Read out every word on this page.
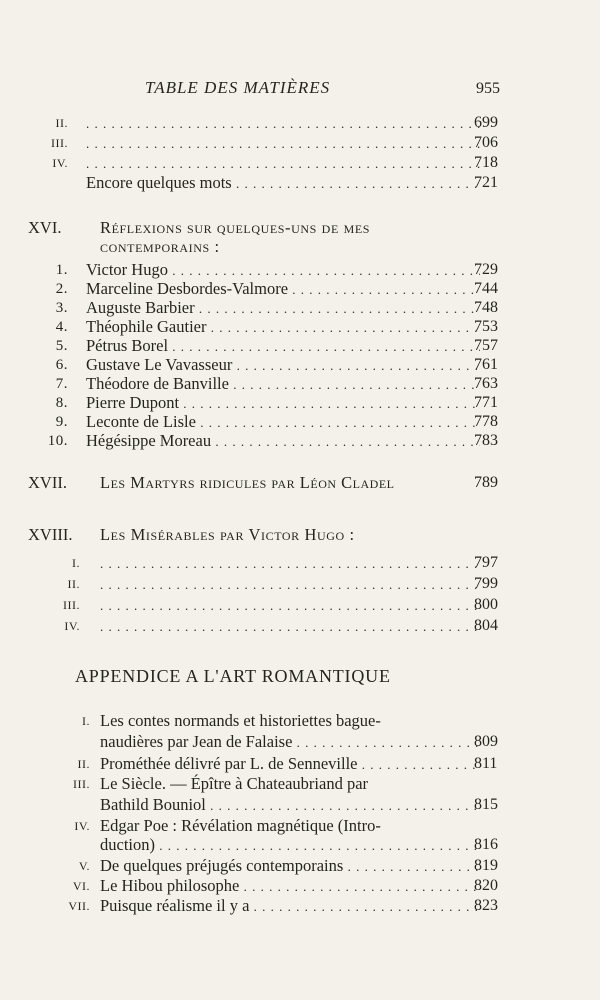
TABLE DES MATIÈRES	955
II. . . .	699
III. . . .	706
IV. . . .	718
Encore quelques mots . . .	721
XVI. Réflexions sur quelques-uns de mes
contemporains :
1. Victor Hugo . . .	729
2. Marceline Desbordes-Valmore . . .	744
3. Auguste Barbier . . .	748
4. Théophile Gautier . . .	753
5. Pétrus Borel . . .	757
6. Gustave Le Vavasseur . . .	761
7. Théodore de Banville . . .	763
8. Pierre Dupont . . .	771
9. Leconte de Lisle . . .	778
10. Hégésippe Moreau . . .	783
XVII. Les Martyrs ridicules par Léon Cladel	789
XVIII. Les Misérables par Victor Hugo :
I. . . .	797
II. . . .	799
III. . . .	800
IV. . . .	804
APPENDICE A L'ART ROMANTIQUE
I. Les contes normands et historiettes bague-
naudières par Jean de Falaise . . .	809
II. Prométhée délivré par L. de Senneville . . .	811
III. Le Siècle. — Épître à Chateaubriand par
Bathild Bouniol . . .	815
IV. Edgar Poe : Révélation magnétique (Intro-
duction) . . .	816
V. De quelques préjugés contemporains . . .	819
VI. Le Hibou philosophe . . .	820
VII. Puisque réalisme il y a . . .	823
